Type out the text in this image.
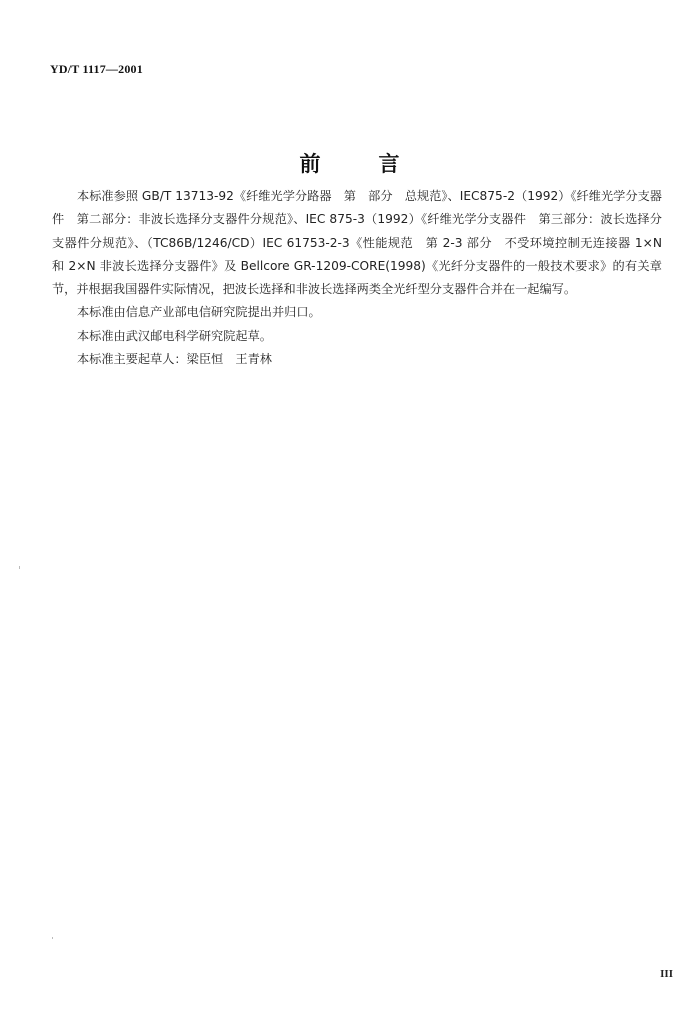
YD/T 1117—2001
前	言

本标准参照 GB/T 13713-92《纤维光学分路器　第　部分　总规范》、IEC875-2（1992）《纤维光学分支器件　第二部分：非波长选择分支器件分规范》、IEC 875-3（1992）《纤维光学分支器件　第三部分：波长选择分支器件分规范》、（TC86B/1246/CD）IEC 61753-2-3《性能规范　第 2-3 部分　不受环境控制无连接器 1×N 和 2×N 非波长选择分支器件》及 Bellcore GR-1209-CORE(1998)《光纤分支器件的一般技术要求》的有关章节，并根据我国器件实际情况，把波长选择和非波长选择两类全光纤型分支器件合并在一起编写。

本标准由信息产业部电信研究院提出并归口。

本标准由武汉邮电科学研究院起草。

本标准主要起草人：梁臣恒　王青林

III
